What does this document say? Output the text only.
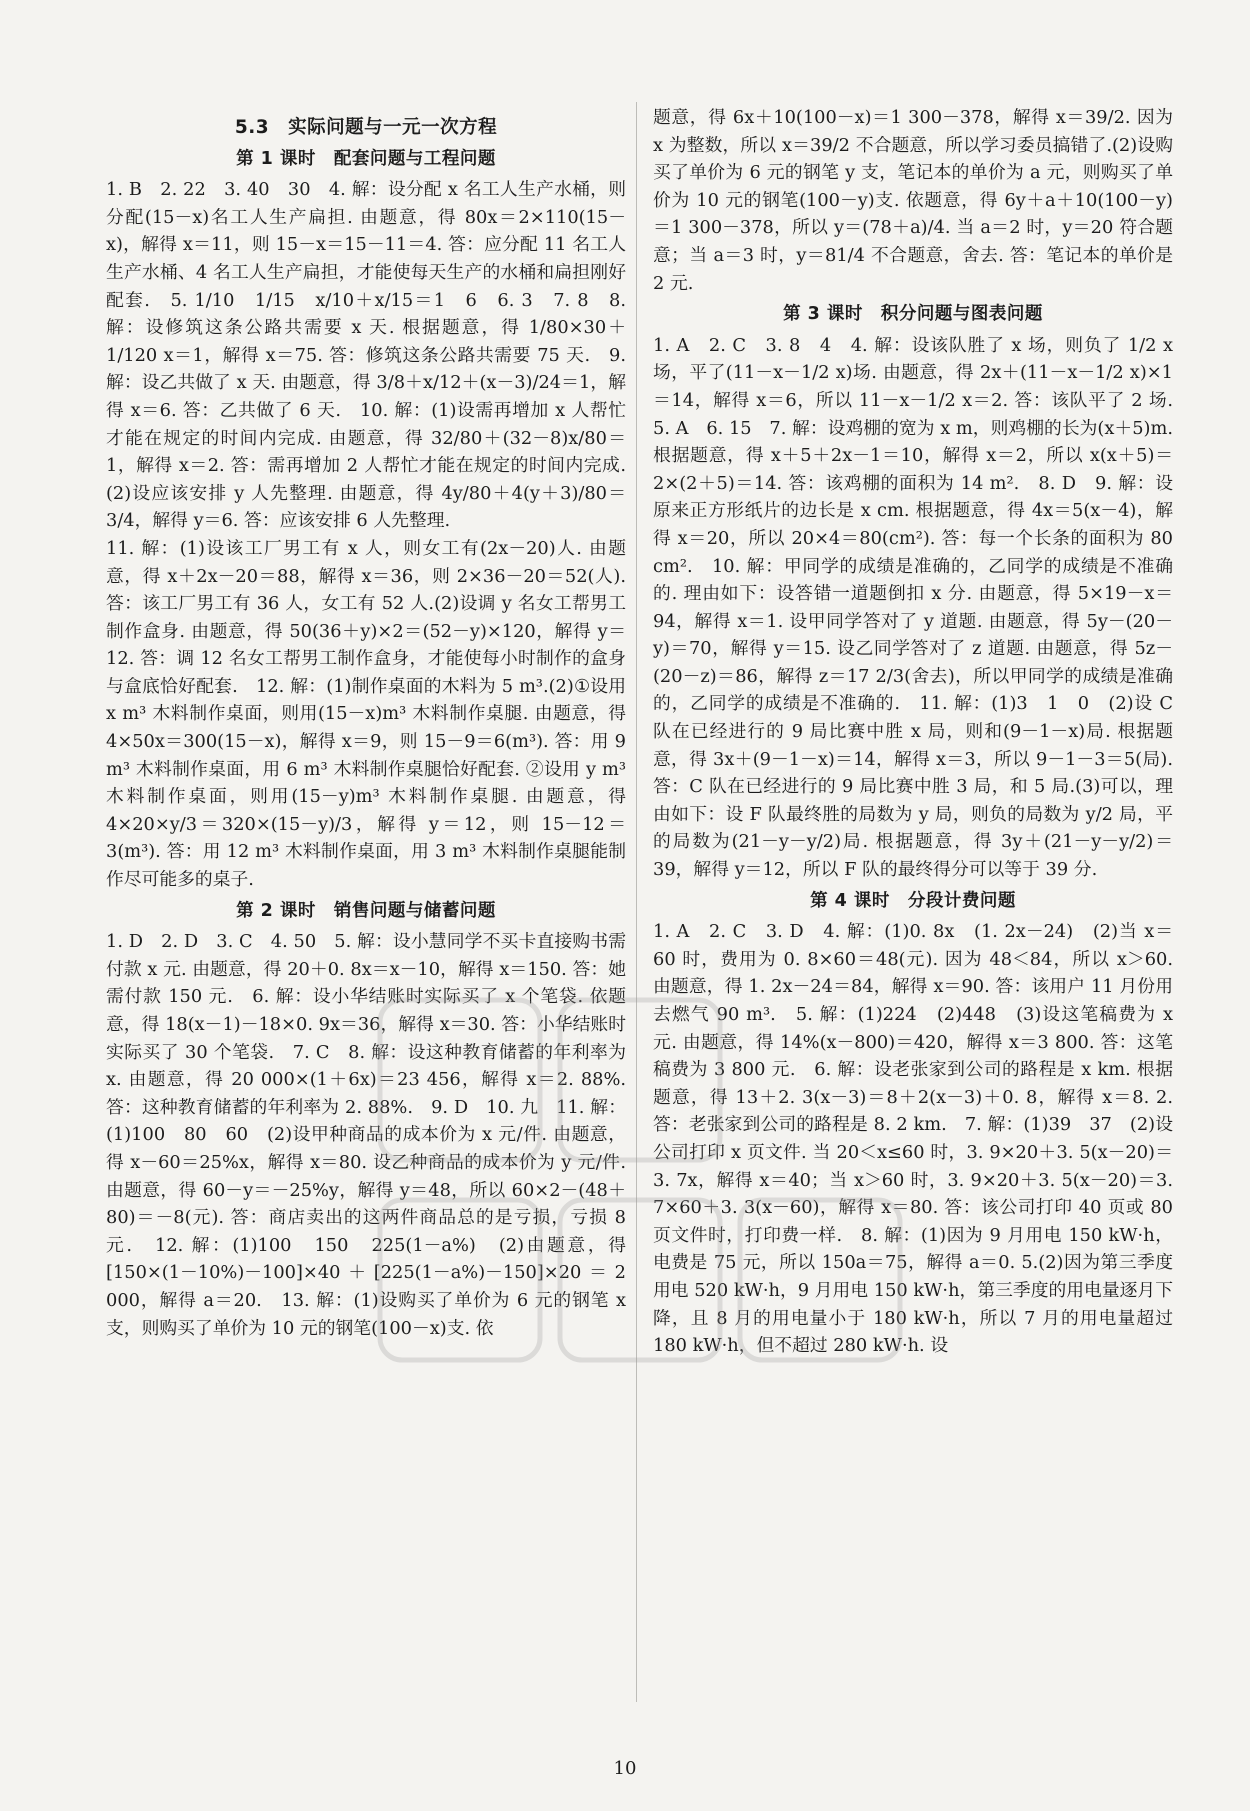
5.3　实际问题与一元一次方程
第 1 课时　配套问题与工程问题

1. B　2. 22　3. 40　30　4. 解：设分配 x 名工人生产水桶，则分配(15－x)名工人生产扁担. 由题意，得 80x＝2×110(15－x)，解得 x＝11，则 15－x＝15－11＝4. 答：应分配 11 名工人生产水桶、4 名工人生产扁担，才能使每天生产的水桶和扁担刚好配套.　5. 1/10　1/15　x/10＋x/15＝1　6　6. 3　7. 8　8. 解：设修筑这条公路共需要 x 天. 根据题意，得 1/80×30＋1/120 x＝1，解得 x＝75. 答：修筑这条公路共需要 75 天.　9. 解：设乙共做了 x 天. 由题意，得 3/8＋x/12＋(x－3)/24＝1，解得 x＝6. 答：乙共做了 6 天.　10. 解：(1)设需再增加 x 人帮忙才能在规定的时间内完成. 由题意，得 32/80＋(32－8)x/80＝1，解得 x＝2. 答：需再增加 2 人帮忙才能在规定的时间内完成.(2)设应该安排 y 人先整理. 由题意，得 4y/80＋4(y＋3)/80＝3/4，解得 y＝6. 答：应该安排 6 人先整理.

11. 解：(1)设该工厂男工有 x 人，则女工有(2x－20)人. 由题意，得 x＋2x－20＝88，解得 x＝36，则 2×36－20＝52(人). 答：该工厂男工有 36 人，女工有 52 人.(2)设调 y 名女工帮男工制作盒身. 由题意，得 50(36＋y)×2＝(52－y)×120，解得 y＝12. 答：调 12 名女工帮男工制作盒身，才能使每小时制作的盒身与盒底恰好配套.　12. 解：(1)制作桌面的木料为 5 m³.(2)①设用 x m³ 木料制作桌面，则用(15－x)m³ 木料制作桌腿. 由题意，得 4×50x＝300(15－x)，解得 x＝9，则 15－9＝6(m³). 答：用 9 m³ 木料制作桌面，用 6 m³ 木料制作桌腿恰好配套. ②设用 y m³ 木料制作桌面，则用(15－y)m³ 木料制作桌腿. 由题意，得 4×20×y/3＝320×(15－y)/3，解得 y＝12，则 15－12＝3(m³). 答：用 12 m³ 木料制作桌面，用 3 m³ 木料制作桌腿能制作尽可能多的桌子.

第 2 课时　销售问题与储蓄问题

1. D　2. D　3. C　4. 50　5. 解：设小慧同学不买卡直接购书需付款 x 元. 由题意，得 20＋0. 8x＝x－10，解得 x＝150. 答：她需付款 150 元.　6. 解：设小华结账时实际买了 x 个笔袋. 依题意，得 18(x－1)－18×0. 9x＝36，解得 x＝30. 答：小华结账时实际买了 30 个笔袋.　7. C　8. 解：设这种教育储蓄的年利率为 x. 由题意，得 20 000×(1＋6x)＝23 456，解得 x＝2. 88%. 答：这种教育储蓄的年利率为 2. 88%.　9. D　10. 九　11. 解：(1)100　80　60　(2)设甲种商品的成本价为 x 元/件. 由题意，得 x－60＝25%x，解得 x＝80. 设乙种商品的成本价为 y 元/件. 由题意，得 60－y＝－25%y，解得 y＝48，所以 60×2－(48＋80)＝－8(元). 答：商店卖出的这两件商品总的是亏损，亏损 8 元.　12. 解：(1)100　150　225(1－a%)　(2)由题意，得[150×(1－10%)－100]×40＋[225(1－a%)－150]×20＝2 000，解得 a＝20.　13. 解：(1)设购买了单价为 6 元的钢笔 x 支，则购买了单价为 10 元的钢笔(100－x)支. 依

题意，得 6x＋10(100－x)＝1 300－378，解得 x＝39/2. 因为 x 为整数，所以 x＝39/2 不合题意，所以学习委员搞错了.(2)设购买了单价为 6 元的钢笔 y 支，笔记本的单价为 a 元，则购买了单价为 10 元的钢笔(100－y)支. 依题意，得 6y＋a＋10(100－y)＝1 300－378，所以 y＝(78＋a)/4. 当 a＝2 时，y＝20 符合题意；当 a＝3 时，y＝81/4 不合题意，舍去. 答：笔记本的单价是 2 元.

第 3 课时　积分问题与图表问题

1. A　2. C　3. 8　4　4. 解：设该队胜了 x 场，则负了 1/2 x 场，平了(11－x－1/2 x)场. 由题意，得 2x＋(11－x－1/2 x)×1＝14，解得 x＝6，所以 11－x－1/2 x＝2. 答：该队平了 2 场.　5. A　6. 15　7. 解：设鸡棚的宽为 x m，则鸡棚的长为(x＋5)m. 根据题意，得 x＋5＋2x－1＝10，解得 x＝2，所以 x(x＋5)＝2×(2＋5)＝14. 答：该鸡棚的面积为 14 m².　8. D　9. 解：设原来正方形纸片的边长是 x cm. 根据题意，得 4x＝5(x－4)，解得 x＝20，所以 20×4＝80(cm²). 答：每一个长条的面积为 80 cm².　10. 解：甲同学的成绩是准确的，乙同学的成绩是不准确的. 理由如下：设答错一道题倒扣 x 分. 由题意，得 5×19－x＝94，解得 x＝1. 设甲同学答对了 y 道题. 由题意，得 5y－(20－y)＝70，解得 y＝15. 设乙同学答对了 z 道题. 由题意，得 5z－(20－z)＝86，解得 z＝17 2/3(舍去)，所以甲同学的成绩是准确的，乙同学的成绩是不准确的.　11. 解：(1)3　1　0　(2)设 C 队在已经进行的 9 局比赛中胜 x 局，则和(9－1－x)局. 根据题意，得 3x＋(9－1－x)＝14，解得 x＝3，所以 9－1－3＝5(局). 答：C 队在已经进行的 9 局比赛中胜 3 局，和 5 局.(3)可以，理由如下：设 F 队最终胜的局数为 y 局，则负的局数为 y/2 局，平的局数为(21－y－y/2)局. 根据题意，得 3y＋(21－y－y/2)＝39，解得 y＝12，所以 F 队的最终得分可以等于 39 分.

第 4 课时　分段计费问题

1. A　2. C　3. D　4. 解：(1)0. 8x　(1. 2x－24)　(2)当 x＝60 时，费用为 0. 8×60＝48(元). 因为 48＜84，所以 x＞60. 由题意，得 1. 2x－24＝84，解得 x＝90. 答：该用户 11 月份用去燃气 90 m³.　5. 解：(1)224　(2)448　(3)设这笔稿费为 x 元. 由题意，得 14%(x－800)＝420，解得 x＝3 800. 答：这笔稿费为 3 800 元.　6. 解：设老张家到公司的路程是 x km. 根据题意，得 13＋2. 3(x－3)＝8＋2(x－3)＋0. 8，解得 x＝8. 2. 答：老张家到公司的路程是 8. 2 km.　7. 解：(1)39　37　(2)设公司打印 x 页文件. 当 20＜x≤60 时，3. 9×20＋3. 5(x－20)＝3. 7x，解得 x＝40；当 x＞60 时，3. 9×20＋3. 5(x－20)＝3. 7×60＋3. 3(x－60)，解得 x＝80. 答：该公司打印 40 页或 80 页文件时，打印费一样.　8. 解：(1)因为 9 月用电 150 kW·h，电费是 75 元，所以 150a＝75，解得 a＝0. 5.(2)因为第三季度用电 520 kW·h，9 月用电 150 kW·h，第三季度的用电量逐月下降，且 8 月的用电量小于 180 kW·h，所以 7 月的用电量超过 180 kW·h，但不超过 280 kW·h. 设

10
